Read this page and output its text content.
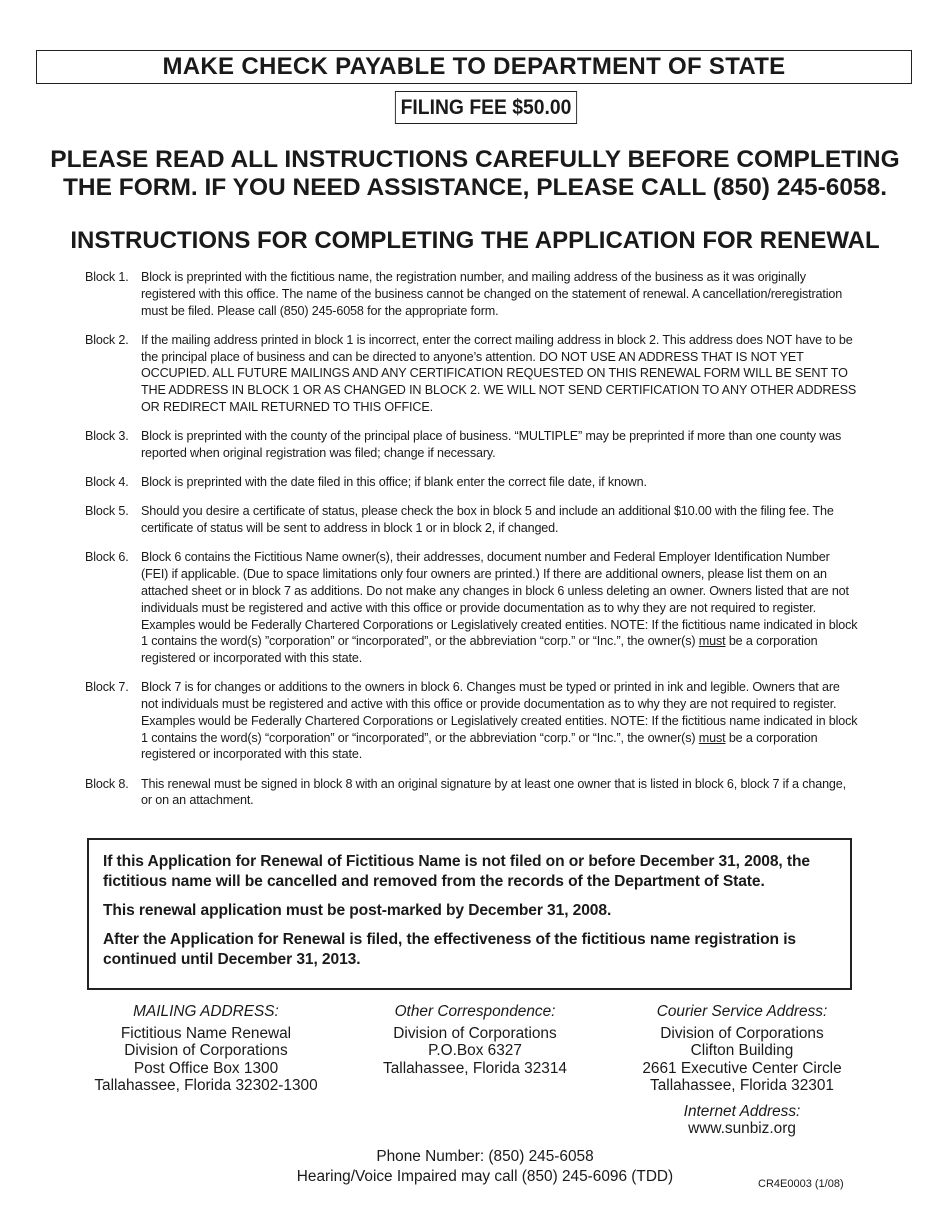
MAKE CHECK PAYABLE TO DEPARTMENT OF STATE
FILING FEE $50.00
PLEASE READ ALL INSTRUCTIONS CAREFULLY BEFORE COMPLETING
THE FORM. IF YOU NEED ASSISTANCE, PLEASE CALL (850) 245-6058.
INSTRUCTIONS FOR COMPLETING THE APPLICATION FOR RENEWAL
Block 1. Block is preprinted with the fictitious name, the registration number, and mailing address of the business as it was originally registered with this office. The name of the business cannot be changed on the statement of renewal. A cancellation/reregistration must be filed. Please call (850) 245-6058 for the appropriate form.
Block 2. If the mailing address printed in block 1 is incorrect, enter the correct mailing address in block 2. This address does NOT have to be the principal place of business and can be directed to anyone’s attention. DO NOT USE AN ADDRESS THAT IS NOT YET OCCUPIED. ALL FUTURE MAILINGS AND ANY CERTIFICATION REQUESTED ON THIS RENEWAL FORM WILL BE SENT TO THE ADDRESS IN BLOCK 1 OR AS CHANGED IN BLOCK 2. WE WILL NOT SEND CERTIFICATION TO ANY OTHER ADDRESS OR REDIRECT MAIL RETURNED TO THIS OFFICE.
Block 3. Block is preprinted with the county of the principal place of business. “MULTIPLE” may be preprinted if more than one county was reported when original registration was filed; change if necessary.
Block 4. Block is preprinted with the date filed in this office; if blank enter the correct file date, if known.
Block 5. Should you desire a certificate of status, please check the box in block 5 and include an additional $10.00 with the filing fee. The certificate of status will be sent to address in block 1 or in block 2, if changed.
Block 6. Block 6 contains the Fictitious Name owner(s), their addresses, document number and Federal Employer Identification Number (FEI) if applicable. (Due to space limitations only four owners are printed.) If there are additional owners, please list them on an attached sheet or in block 7 as additions. Do not make any changes in block 6 unless deleting an owner. Owners listed that are not individuals must be registered and active with this office or provide documentation as to why they are not required to register. Examples would be Federally Chartered Corporations or Legislatively created entities. NOTE: If the fictitious name indicated in block 1 contains the word(s) ”corporation” or “incorporated”, or the abbreviation “corp.” or “Inc.”, the owner(s) must be a corporation registered or incorporated with this state.
Block 7. Block 7 is for changes or additions to the owners in block 6. Changes must be typed or printed in ink and legible. Owners that are not individuals must be registered and active with this office or provide documentation as to why they are not required to register. Examples would be Federally Chartered Corporations or Legislatively created entities. NOTE: If the fictitious name indicated in block 1 contains the word(s) “corporation” or “incorporated”, or the abbreviation “corp.” or “Inc.”, the owner(s) must be a corporation registered or incorporated with this state.
Block 8. This renewal must be signed in block 8 with an original signature by at least one owner that is listed in block 6, block 7 if a change, or on an attachment.

If this Application for Renewal of Fictitious Name is not filed on or before December 31, 2008, the fictitious name will be cancelled and removed from the records of the Department of State.

This renewal application must be post-marked by December 31, 2008.

After the Application for Renewal is filed, the effectiveness of the fictitious name registration is continued until December 31, 2013.

MAILING ADDRESS:
Fictitious Name Renewal
Division of Corporations
Post Office Box 1300
Tallahassee, Florida 32302-1300
Other Correspondence:
Division of Corporations
P.O.Box 6327
Tallahassee, Florida 32314
Courier Service Address:
Division of Corporations
Clifton Building
2661 Executive Center Circle
Tallahassee, Florida 32301
Internet Address:
www.sunbiz.org
Phone Number: (850) 245-6058
Hearing/Voice Impaired may call (850) 245-6096 (TDD)	CR4E0003 (1/08)
